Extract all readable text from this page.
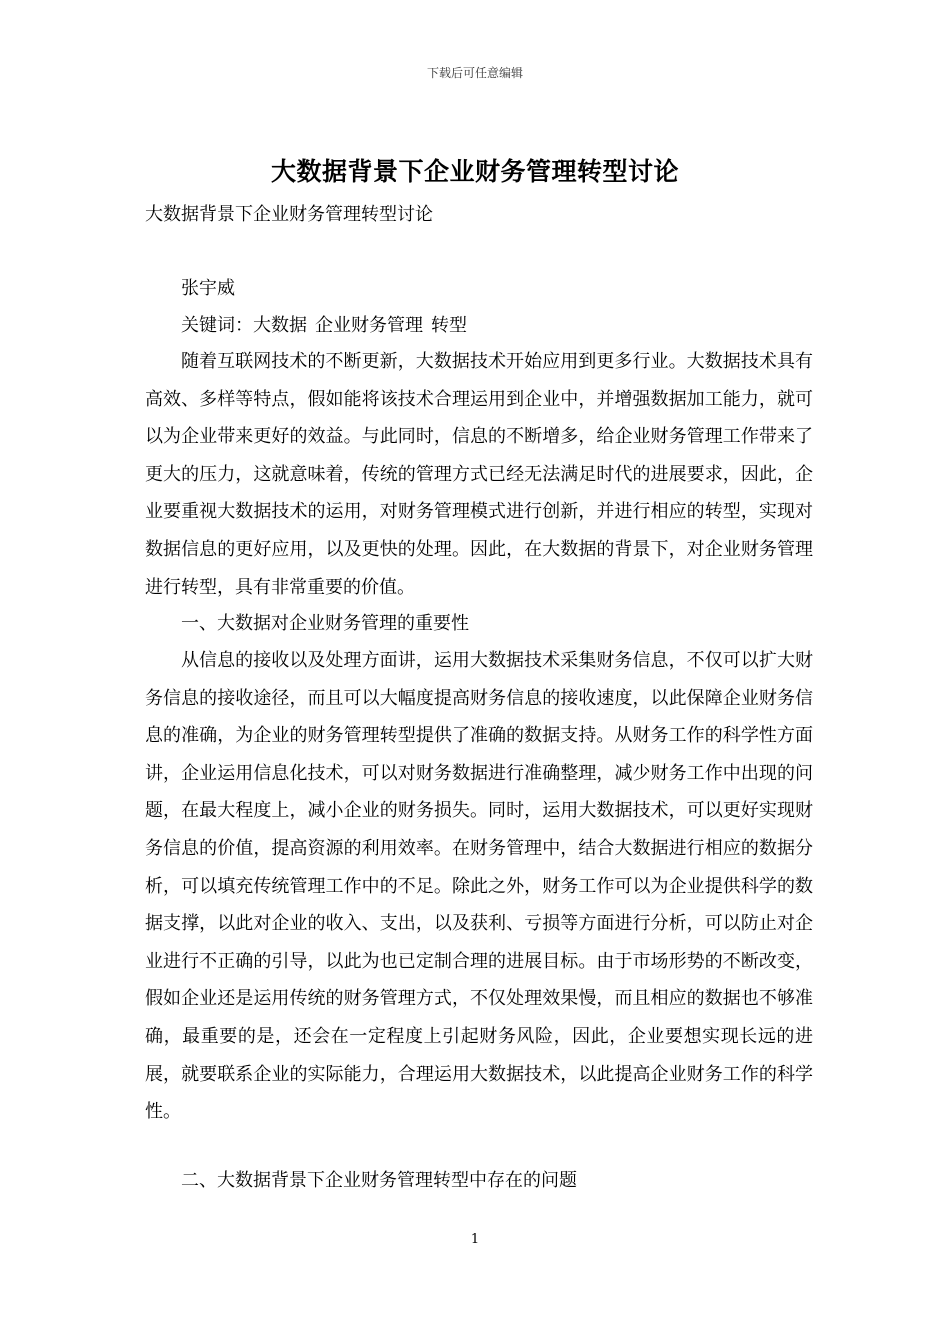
下载后可任意编辑
大数据背景下企业财务管理转型讨论
大数据背景下企业财务管理转型讨论
张宇威
关键词：大数据 企业财务管理 转型
随着互联网技术的不断更新，大数据技术开始应用到更多行业。大数据技术具有高效、多样等特点，假如能将该技术合理运用到企业中，并增强数据加工能力，就可以为企业带来更好的效益。与此同时，信息的不断增多，给企业财务管理工作带来了更大的压力，这就意味着，传统的管理方式已经无法满足时代的进展要求，因此，企业要重视大数据技术的运用，对财务管理模式进行创新，并进行相应的转型，实现对数据信息的更好应用，以及更快的处理。因此，在大数据的背景下，对企业财务管理进行转型，具有非常重要的价值。
一、大数据对企业财务管理的重要性
从信息的接收以及处理方面讲，运用大数据技术采集财务信息，不仅可以扩大财务信息的接收途径，而且可以大幅度提高财务信息的接收速度，以此保障企业财务信息的准确，为企业的财务管理转型提供了准确的数据支持。从财务工作的科学性方面讲，企业运用信息化技术，可以对财务数据进行准确整理，减少财务工作中出现的问题，在最大程度上，减小企业的财务损失。同时，运用大数据技术，可以更好实现财务信息的价值，提高资源的利用效率。在财务管理中，结合大数据进行相应的数据分析，可以填充传统管理工作中的不足。除此之外，财务工作可以为企业提供科学的数据支撑，以此对企业的收入、支出，以及获利、亏损等方面进行分析，可以防止对企业进行不正确的引导，以此为也已定制合理的进展目标。由于市场形势的不断改变，假如企业还是运用传统的财务管理方式，不仅处理效果慢，而且相应的数据也不够准确，最重要的是，还会在一定程度上引起财务风险，因此，企业要想实现长远的进展，就要联系企业的实际能力，合理运用大数据技术，以此提高企业财务工作的科学性。
二、大数据背景下企业财务管理转型中存在的问题
1
